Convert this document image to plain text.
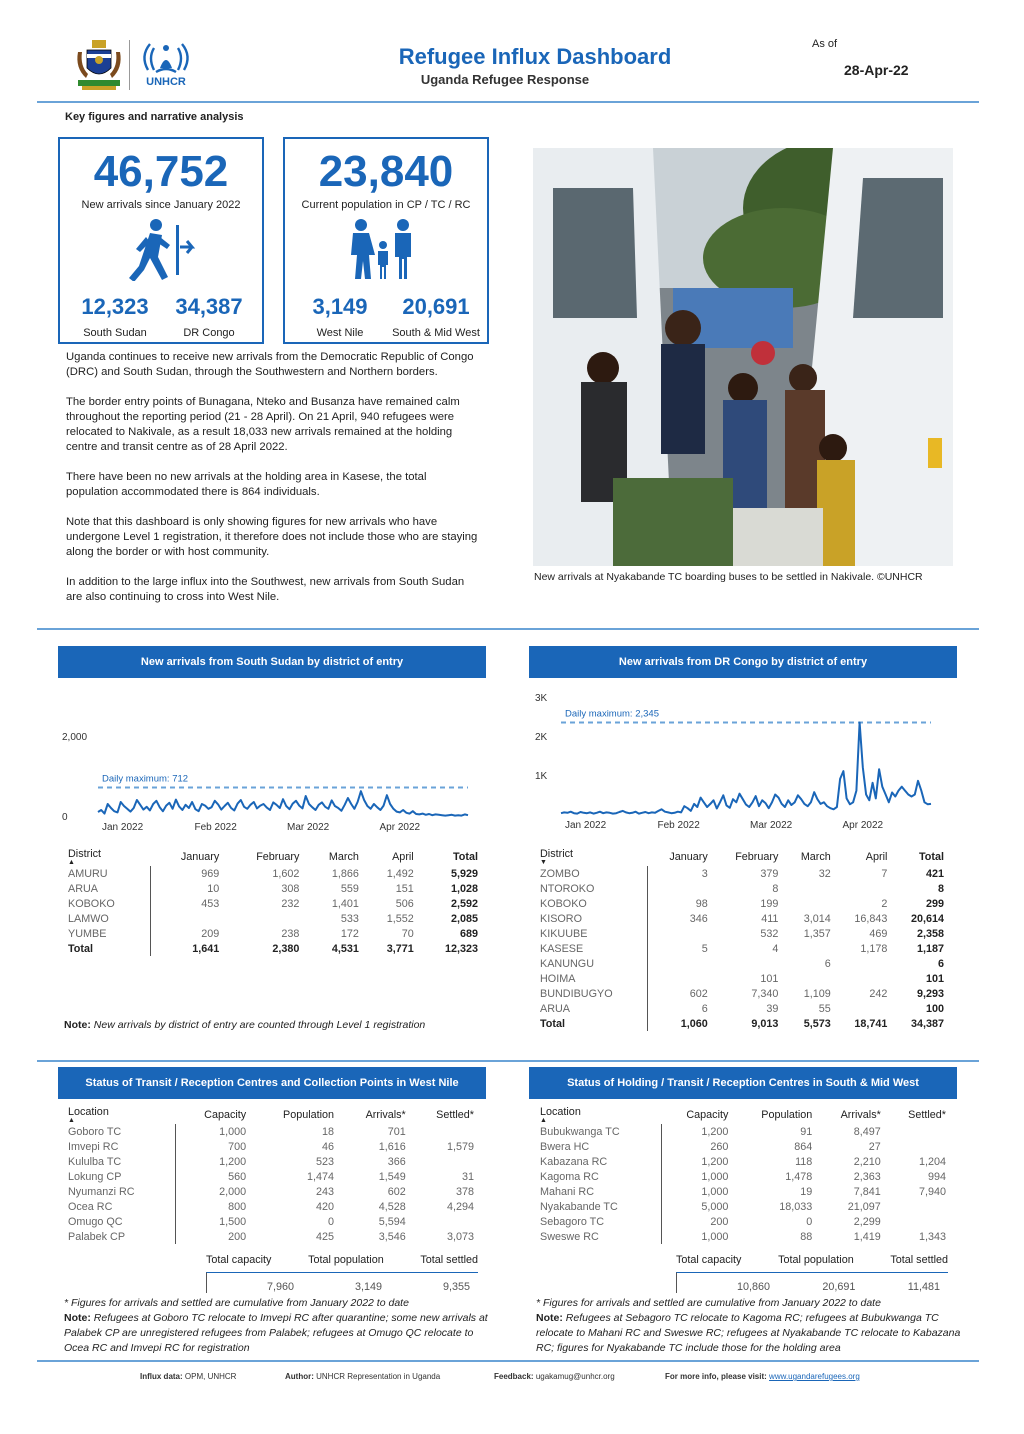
UNHCR
Refugee Influx Dashboard
Uganda Refugee Response
As of
28-Apr-22
Key figures and narrative analysis
46,752
New arrivals since January 2022
12,323	34,387
South Sudan	DR Congo
23,840
Current population in CP / TC / RC
3,149	20,691
West Nile	South & Mid West

Uganda continues to receive new arrivals from the Democratic Republic of Congo (DRC) and South Sudan, through the Southwestern and Northern borders.

The border entry points of Bunagana, Nteko and Busanza have remained calm throughout the reporting period (21 - 28 April). On 21 April, 940 refugees were relocated to Nakivale, as a result 18,033 new arrivals remained at the holding centre and transit centre as of 28 April 2022.

There have been no new arrivals at the holding area in Kasese, the total population accommodated there is 864 individuals.

Note that this dashboard is only showing figures for new arrivals who have undergone Level 1 registration, it therefore does not include those who are staying along the border or with host community.

In addition to the large influx into the Southwest, new arrivals from South Sudan are also continuing to cross into West Nile.

New arrivals at Nyakabande TC boarding buses to be settled in Nakivale. ©UNHCR
New arrivals from South Sudan by district of entry
2,000
0
Daily maximum: 712
Jan 2022	Feb 2022	Mar 2022	Apr 2022
District
▲	January	February	March	April	Total
AMURU	969	1,602	1,866	1,492	5,929
ARUA	10	308	559	151	1,028
KOBOKO	453	232	1,401	506	2,592
LAMWO			533	1,552	2,085
YUMBE	209	238	172	70	689
Total	1,641	2,380	4,531	3,771	12,323
Note: New arrivals by district of entry are counted through Level 1 registration
New arrivals from DR Congo by district of entry
3K
2K
1K
Daily maximum: 2,345
Jan 2022	Feb 2022	Mar 2022	Apr 2022
District
▼	January	February	March	April	Total
ZOMBO	3	379	32	7	421
NTOROKO		8			8
KOBOKO	98	199		2	299
KISORO	346	411	3,014	16,843	20,614
KIKUUBE		532	1,357	469	2,358
KASESE	5	4		1,178	1,187
KANUNGU			6		6
HOIMA		101			101
BUNDIBUGYO	602	7,340	1,109	242	9,293
ARUA	6	39	55		100
Total	1,060	9,013	5,573	18,741	34,387
Status of Transit / Reception Centres and Collection Points in West Nile
Location
▲	Capacity	Population	Arrivals*	Settled*
Goboro TC	1,000	18	701	
Imvepi RC	700	46	1,616	1,579
Kululba TC	1,200	523	366	
Lokung CP	560	1,474	1,549	31
Nyumanzi RC	2,000	243	602	378
Ocea RC	800	420	4,528	4,294
Omugo QC	1,500	0	5,594	
Palabek CP	200	425	3,546	3,073
Total capacity	Total population	Total settled
7,960	3,149	9,355
* Figures for arrivals and settled are cumulative from January 2022 to date
Note: Refugees at Goboro TC relocate to Imvepi RC after quarantine; some new arrivals at Palabek CP are unregistered refugees from Palabek; refugees at Omugo QC relocate to Ocea RC and Imvepi RC for registration
Status of Holding / Transit / Reception Centres in South & Mid West
Location
▲	Capacity	Population	Arrivals*	Settled*
Bubukwanga TC	1,200	91	8,497	
Bwera HC	260	864	27	
Kabazana RC	1,200	118	2,210	1,204
Kagoma RC	1,000	1,478	2,363	994
Mahani RC	1,000	19	7,841	7,940
Nyakabande TC	5,000	18,033	21,097	
Sebagoro TC	200	0	2,299	
Sweswe RC	1,000	88	1,419	1,343
Total capacity	Total population	Total settled
10,860	20,691	11,481
* Figures for arrivals and settled are cumulative from January 2022 to date
Note: Refugees at Sebagoro TC relocate to Kagoma RC; refugees at Bubukwanga TC relocate to Mahani RC and Sweswe RC; refugees at Nyakabande TC relocate to Kabazana RC; figures for Nyakabande TC include those for the holding area
Influx data: OPM, UNHCR	Author: UNHCR Representation in Uganda	Feedback: ugakamug@unhcr.org	For more info, please visit: www.ugandarefugees.org
